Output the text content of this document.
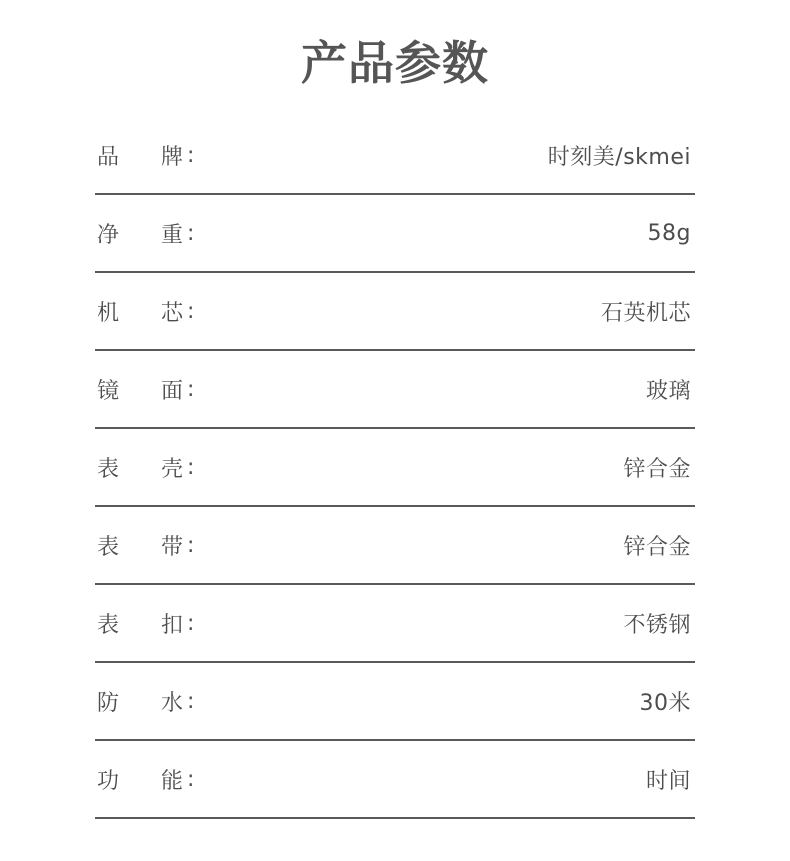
产品参数
品 牌 :	时刻美/skmei
净 重 :	58g
机 芯 :	石英机芯
镜 面 :	玻璃
表 壳 :	锌合金
表 带 :	锌合金
表 扣 :	不锈钢
防 水 :	30米
功 能 :	时间
